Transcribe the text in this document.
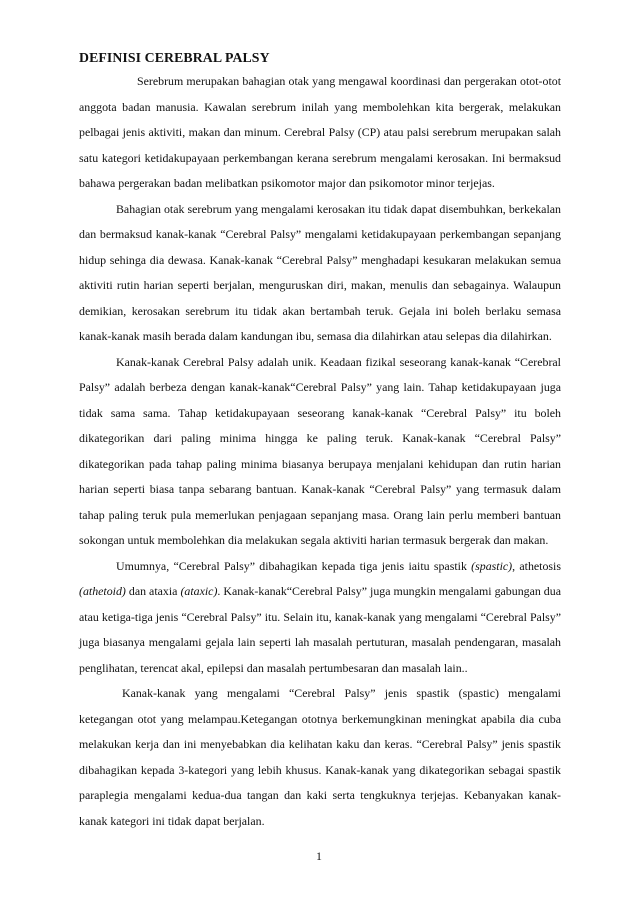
DEFINISI CEREBRAL PALSY

Serebrum merupakan bahagian otak yang mengawal koordinasi dan pergerakan otot-otot anggota badan manusia. Kawalan serebrum inilah yang membolehkan kita bergerak, melakukan pelbagai jenis aktiviti, makan dan minum. Cerebral Palsy (CP) atau palsi serebrum merupakan salah satu kategori ketidakupayaan perkembangan kerana serebrum mengalami kerosakan. Ini bermaksud bahawa pergerakan badan melibatkan psikomotor major dan psikomotor minor terjejas.

Bahagian otak serebrum yang mengalami kerosakan itu tidak dapat disembuhkan, berkekalan dan bermaksud kanak-kanak “Cerebral Palsy” mengalami ketidakupayaan perkembangan sepanjang hidup sehinga dia dewasa. Kanak-kanak “Cerebral Palsy” menghadapi kesukaran melakukan semua aktiviti rutin harian seperti berjalan, menguruskan diri, makan, menulis dan sebagainya. Walaupun demikian, kerosakan serebrum itu tidak akan bertambah teruk. Gejala ini boleh berlaku semasa kanak-kanak masih berada dalam kandungan ibu, semasa dia dilahirkan atau selepas dia dilahirkan.

Kanak-kanak Cerebral Palsy adalah unik. Keadaan fizikal seseorang kanak-kanak “Cerebral Palsy” adalah berbeza dengan kanak-kanak“Cerebral Palsy” yang lain. Tahap ketidakupayaan juga tidak sama sama. Tahap ketidakupayaan seseorang kanak-kanak “Cerebral Palsy” itu boleh dikategorikan dari paling minima hingga ke paling teruk. Kanak-kanak “Cerebral Palsy” dikategorikan pada tahap paling minima biasanya berupaya menjalani kehidupan dan rutin harian harian seperti biasa tanpa sebarang bantuan. Kanak-kanak “Cerebral Palsy” yang termasuk dalam tahap paling teruk pula memerlukan penjagaan sepanjang masa. Orang lain perlu memberi bantuan sokongan untuk membolehkan dia melakukan segala aktiviti harian termasuk bergerak dan makan.

Umumnya, “Cerebral Palsy” dibahagikan kepada tiga jenis iaitu spastik (spastic), athetosis (athetoid) dan ataxia (ataxic). Kanak-kanak“Cerebral Palsy” juga mungkin mengalami gabungan dua atau ketiga-tiga jenis “Cerebral Palsy” itu. Selain itu, kanak-kanak yang mengalami “Cerebral Palsy” juga biasanya mengalami gejala lain seperti lah masalah pertuturan, masalah pendengaran, masalah penglihatan, terencat akal, epilepsi dan masalah pertumbesaran dan masalah lain..

Kanak-kanak yang mengalami “Cerebral Palsy” jenis spastik (spastic) mengalami ketegangan otot yang melampau.Ketegangan ototnya berkemungkinan meningkat apabila dia cuba melakukan kerja dan ini menyebabkan dia kelihatan kaku dan keras. “Cerebral Palsy” jenis spastik dibahagikan kepada 3-kategori yang lebih khusus. Kanak-kanak yang dikategorikan sebagai spastik paraplegia mengalami kedua-dua tangan dan kaki serta tengkuknya terjejas. Kebanyakan kanak-kanak kategori ini tidak dapat berjalan.

1
